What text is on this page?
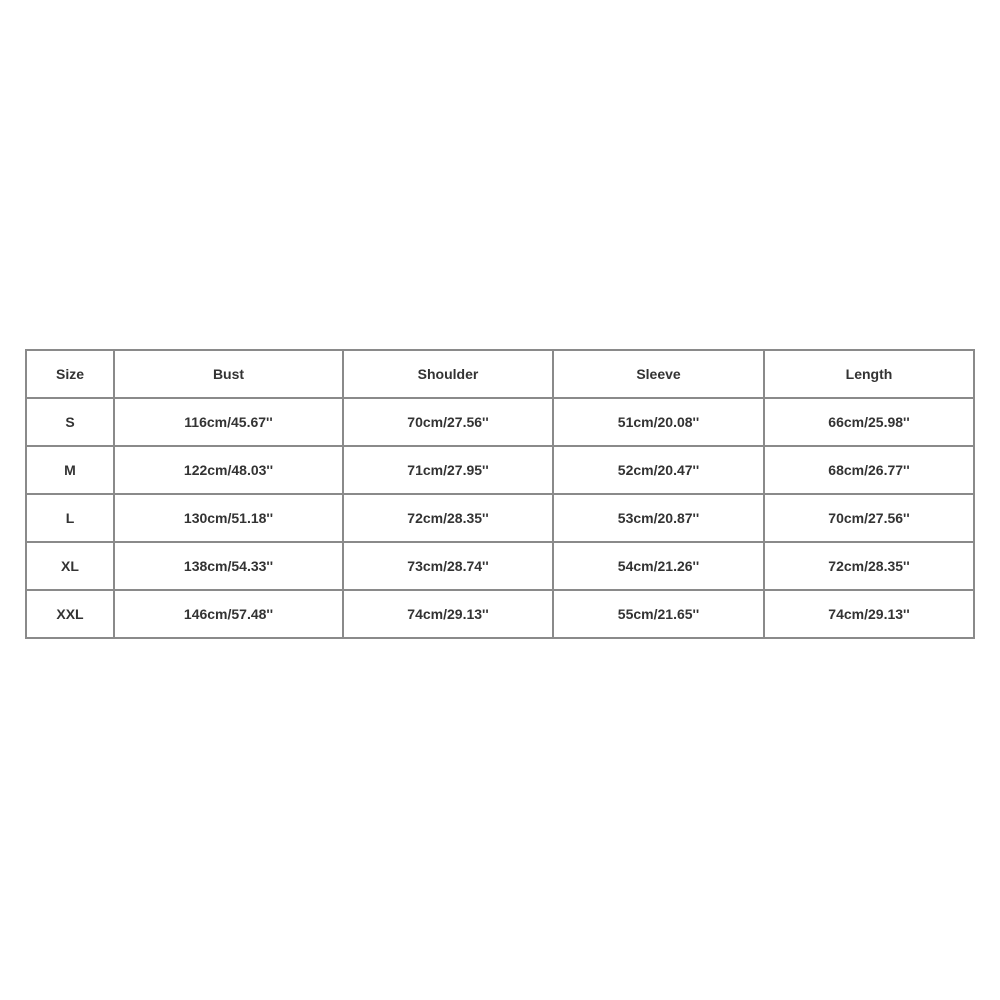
Size	Bust	Shoulder	Sleeve	Length
S	116cm/45.67''	70cm/27.56''	51cm/20.08''	66cm/25.98''
M	122cm/48.03''	71cm/27.95''	52cm/20.47''	68cm/26.77''
L	130cm/51.18''	72cm/28.35''	53cm/20.87''	70cm/27.56''
XL	138cm/54.33''	73cm/28.74''	54cm/21.26''	72cm/28.35''
XXL	146cm/57.48''	74cm/29.13''	55cm/21.65''	74cm/29.13''
